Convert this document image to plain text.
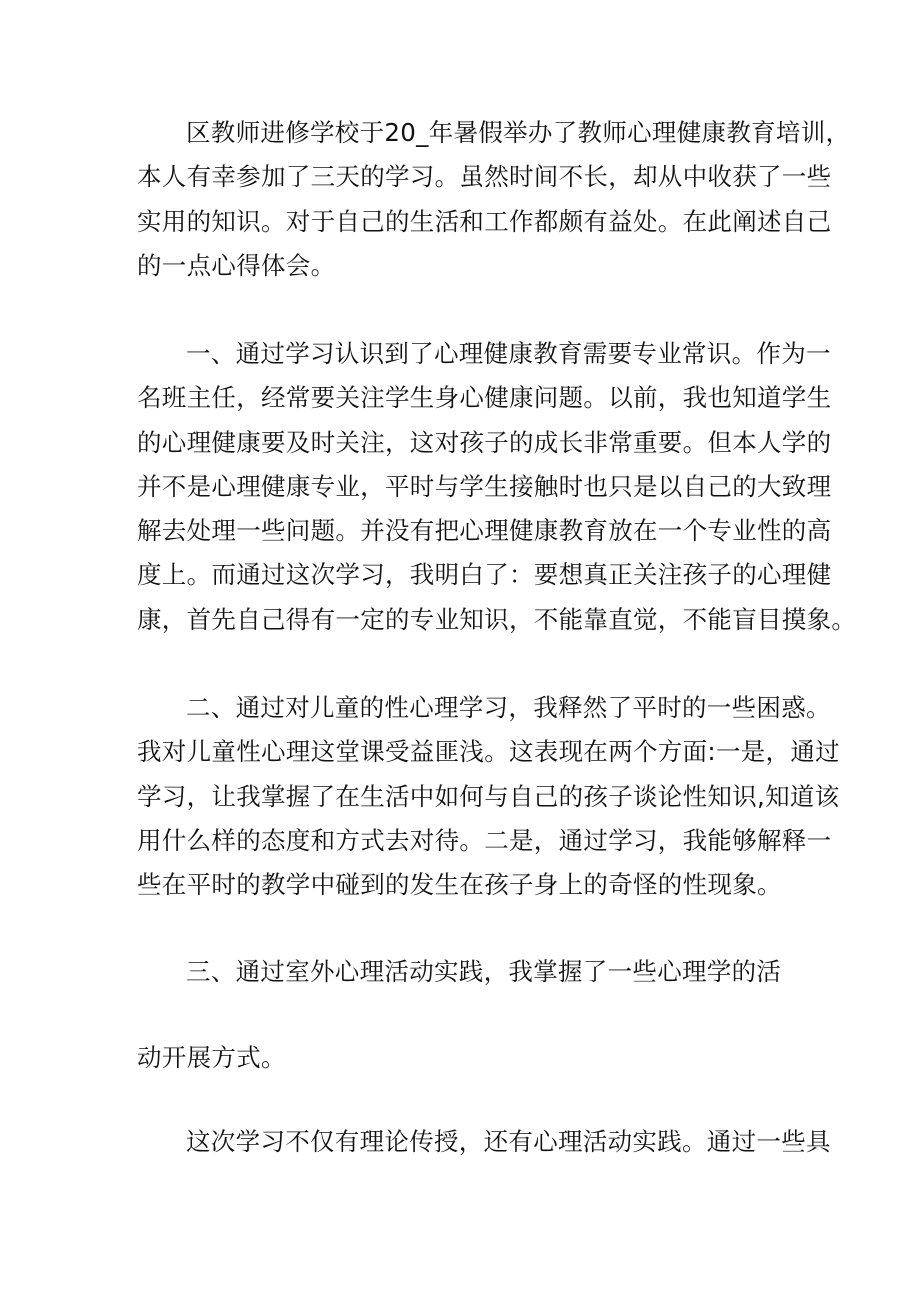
区教师进修学校于20_年暑假举办了教师心理健康教育培训，
本人有幸参加了三天的学习。虽然时间不长，却从中收获了一些
实用的知识。对于自己的生活和工作都颇有益处。在此阐述自己
的一点心得体会。
一、通过学习认识到了心理健康教育需要专业常识。作为一
名班主任，经常要关注学生身心健康问题。以前，我也知道学生
的心理健康要及时关注，这对孩子的成长非常重要。但本人学的
并不是心理健康专业，平时与学生接触时也只是以自己的大致理
解去处理一些问题。并没有把心理健康教育放在一个专业性的高
度上。而通过这次学习，我明白了：要想真正关注孩子的心理健
康，首先自己得有一定的专业知识，不能靠直觉，不能盲目摸象。
二、通过对儿童的性心理学习，我释然了平时的一些困惑。
我对儿童性心理这堂课受益匪浅。这表现在两个方面:一是，通过
学习，让我掌握了在生活中如何与自己的孩子谈论性知识,知道该
用什么样的态度和方式去对待。二是，通过学习，我能够解释一
些在平时的教学中碰到的发生在孩子身上的奇怪的性现象。
三、通过室外心理活动实践，我掌握了一些心理学的活
动开展方式。
这次学习不仅有理论传授，还有心理活动实践。通过一些具
